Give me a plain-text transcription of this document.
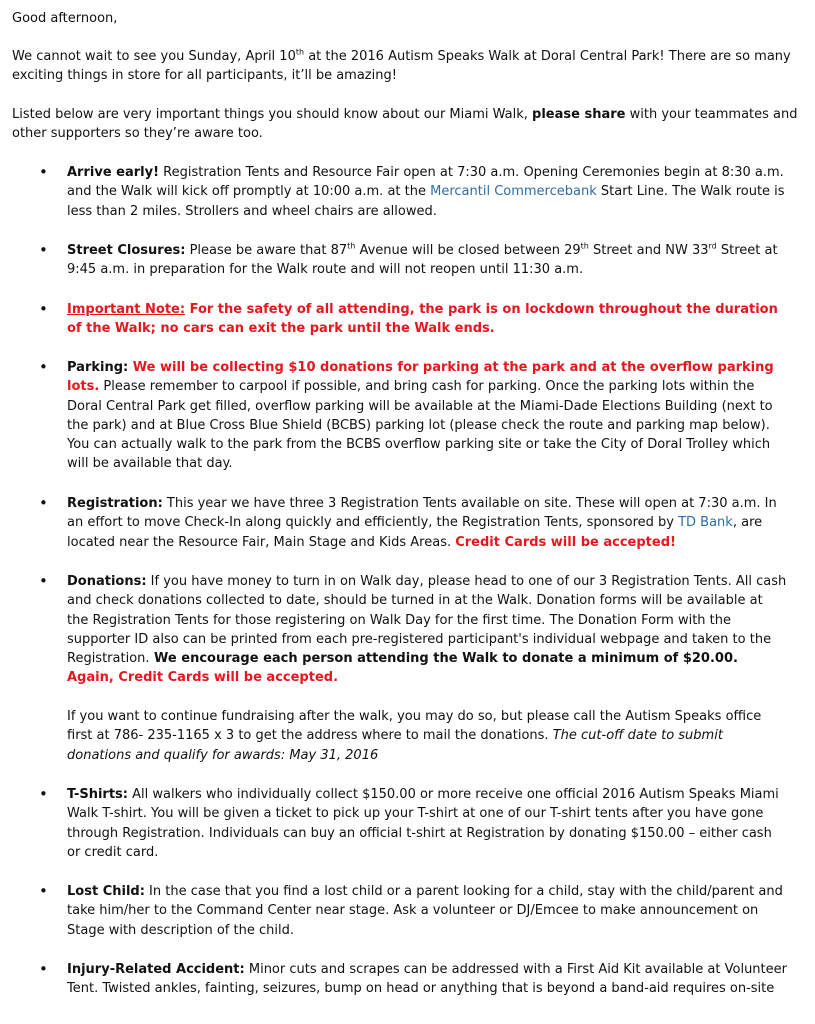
Good afternoon,

We cannot wait to see you Sunday, April 10th at the 2016 Autism Speaks Walk at Doral Central Park! There are so many exciting things in store for all participants, it’ll be amazing!

Listed below are very important things you should know about our Miami Walk, please share with your teammates and other supporters so they’re aware too.

• Arrive early! Registration Tents and Resource Fair open at 7:30 a.m. Opening Ceremonies begin at 8:30 a.m. and the Walk will kick off promptly at 10:00 a.m. at the Mercantil Commercebank Start Line. The Walk route is less than 2 miles. Strollers and wheel chairs are allowed.
• Street Closures: Please be aware that 87th Avenue will be closed between 29th Street and NW 33rd Street at 9:45 a.m. in preparation for the Walk route and will not reopen until 11:30 a.m.
• Important Note: For the safety of all attending, the park is on lockdown throughout the duration of the Walk; no cars can exit the park until the Walk ends.
• Parking: We will be collecting $10 donations for parking at the park and at the overflow parking lots. Please remember to carpool if possible, and bring cash for parking. Once the parking lots within the Doral Central Park get filled, overflow parking will be available at the Miami-Dade Elections Building (next to the park) and at Blue Cross Blue Shield (BCBS) parking lot (please check the route and parking map below). You can actually walk to the park from the BCBS overflow parking site or take the City of Doral Trolley which will be available that day.
• Registration: This year we have three 3 Registration Tents available on site. These will open at 7:30 a.m. In an effort to move Check-In along quickly and efficiently, the Registration Tents, sponsored by TD Bank, are located near the Resource Fair, Main Stage and Kids Areas. Credit Cards will be accepted!
• Donations: If you have money to turn in on Walk day, please head to one of our 3 Registration Tents. All cash and check donations collected to date, should be turned in at the Walk. Donation forms will be available at the Registration Tents for those registering on Walk Day for the first time. The Donation Form with the supporter ID also can be printed from each pre-registered participant's individual webpage and taken to the Registration. We encourage each person attending the Walk to donate a minimum of $20.00. Again, Credit Cards will be accepted.
If you want to continue fundraising after the walk, you may do so, but please call the Autism Speaks office first at 786- 235-1165 x 3 to get the address where to mail the donations. The cut-off date to submit donations and qualify for awards: May 31, 2016
• T-Shirts: All walkers who individually collect $150.00 or more receive one official 2016 Autism Speaks Miami Walk T-shirt. You will be given a ticket to pick up your T-shirt at one of our T-shirt tents after you have gone through Registration. Individuals can buy an official t-shirt at Registration by donating $150.00 – either cash or credit card.
• Lost Child: In the case that you find a lost child or a parent looking for a child, stay with the child/parent and take him/her to the Command Center near stage. Ask a volunteer or DJ/Emcee to make announcement on Stage with description of the child.
• Injury-Related Accident: Minor cuts and scrapes can be addressed with a First Aid Kit available at Volunteer Tent. Twisted ankles, fainting, seizures, bump on head or anything that is beyond a band-aid requires on-site
